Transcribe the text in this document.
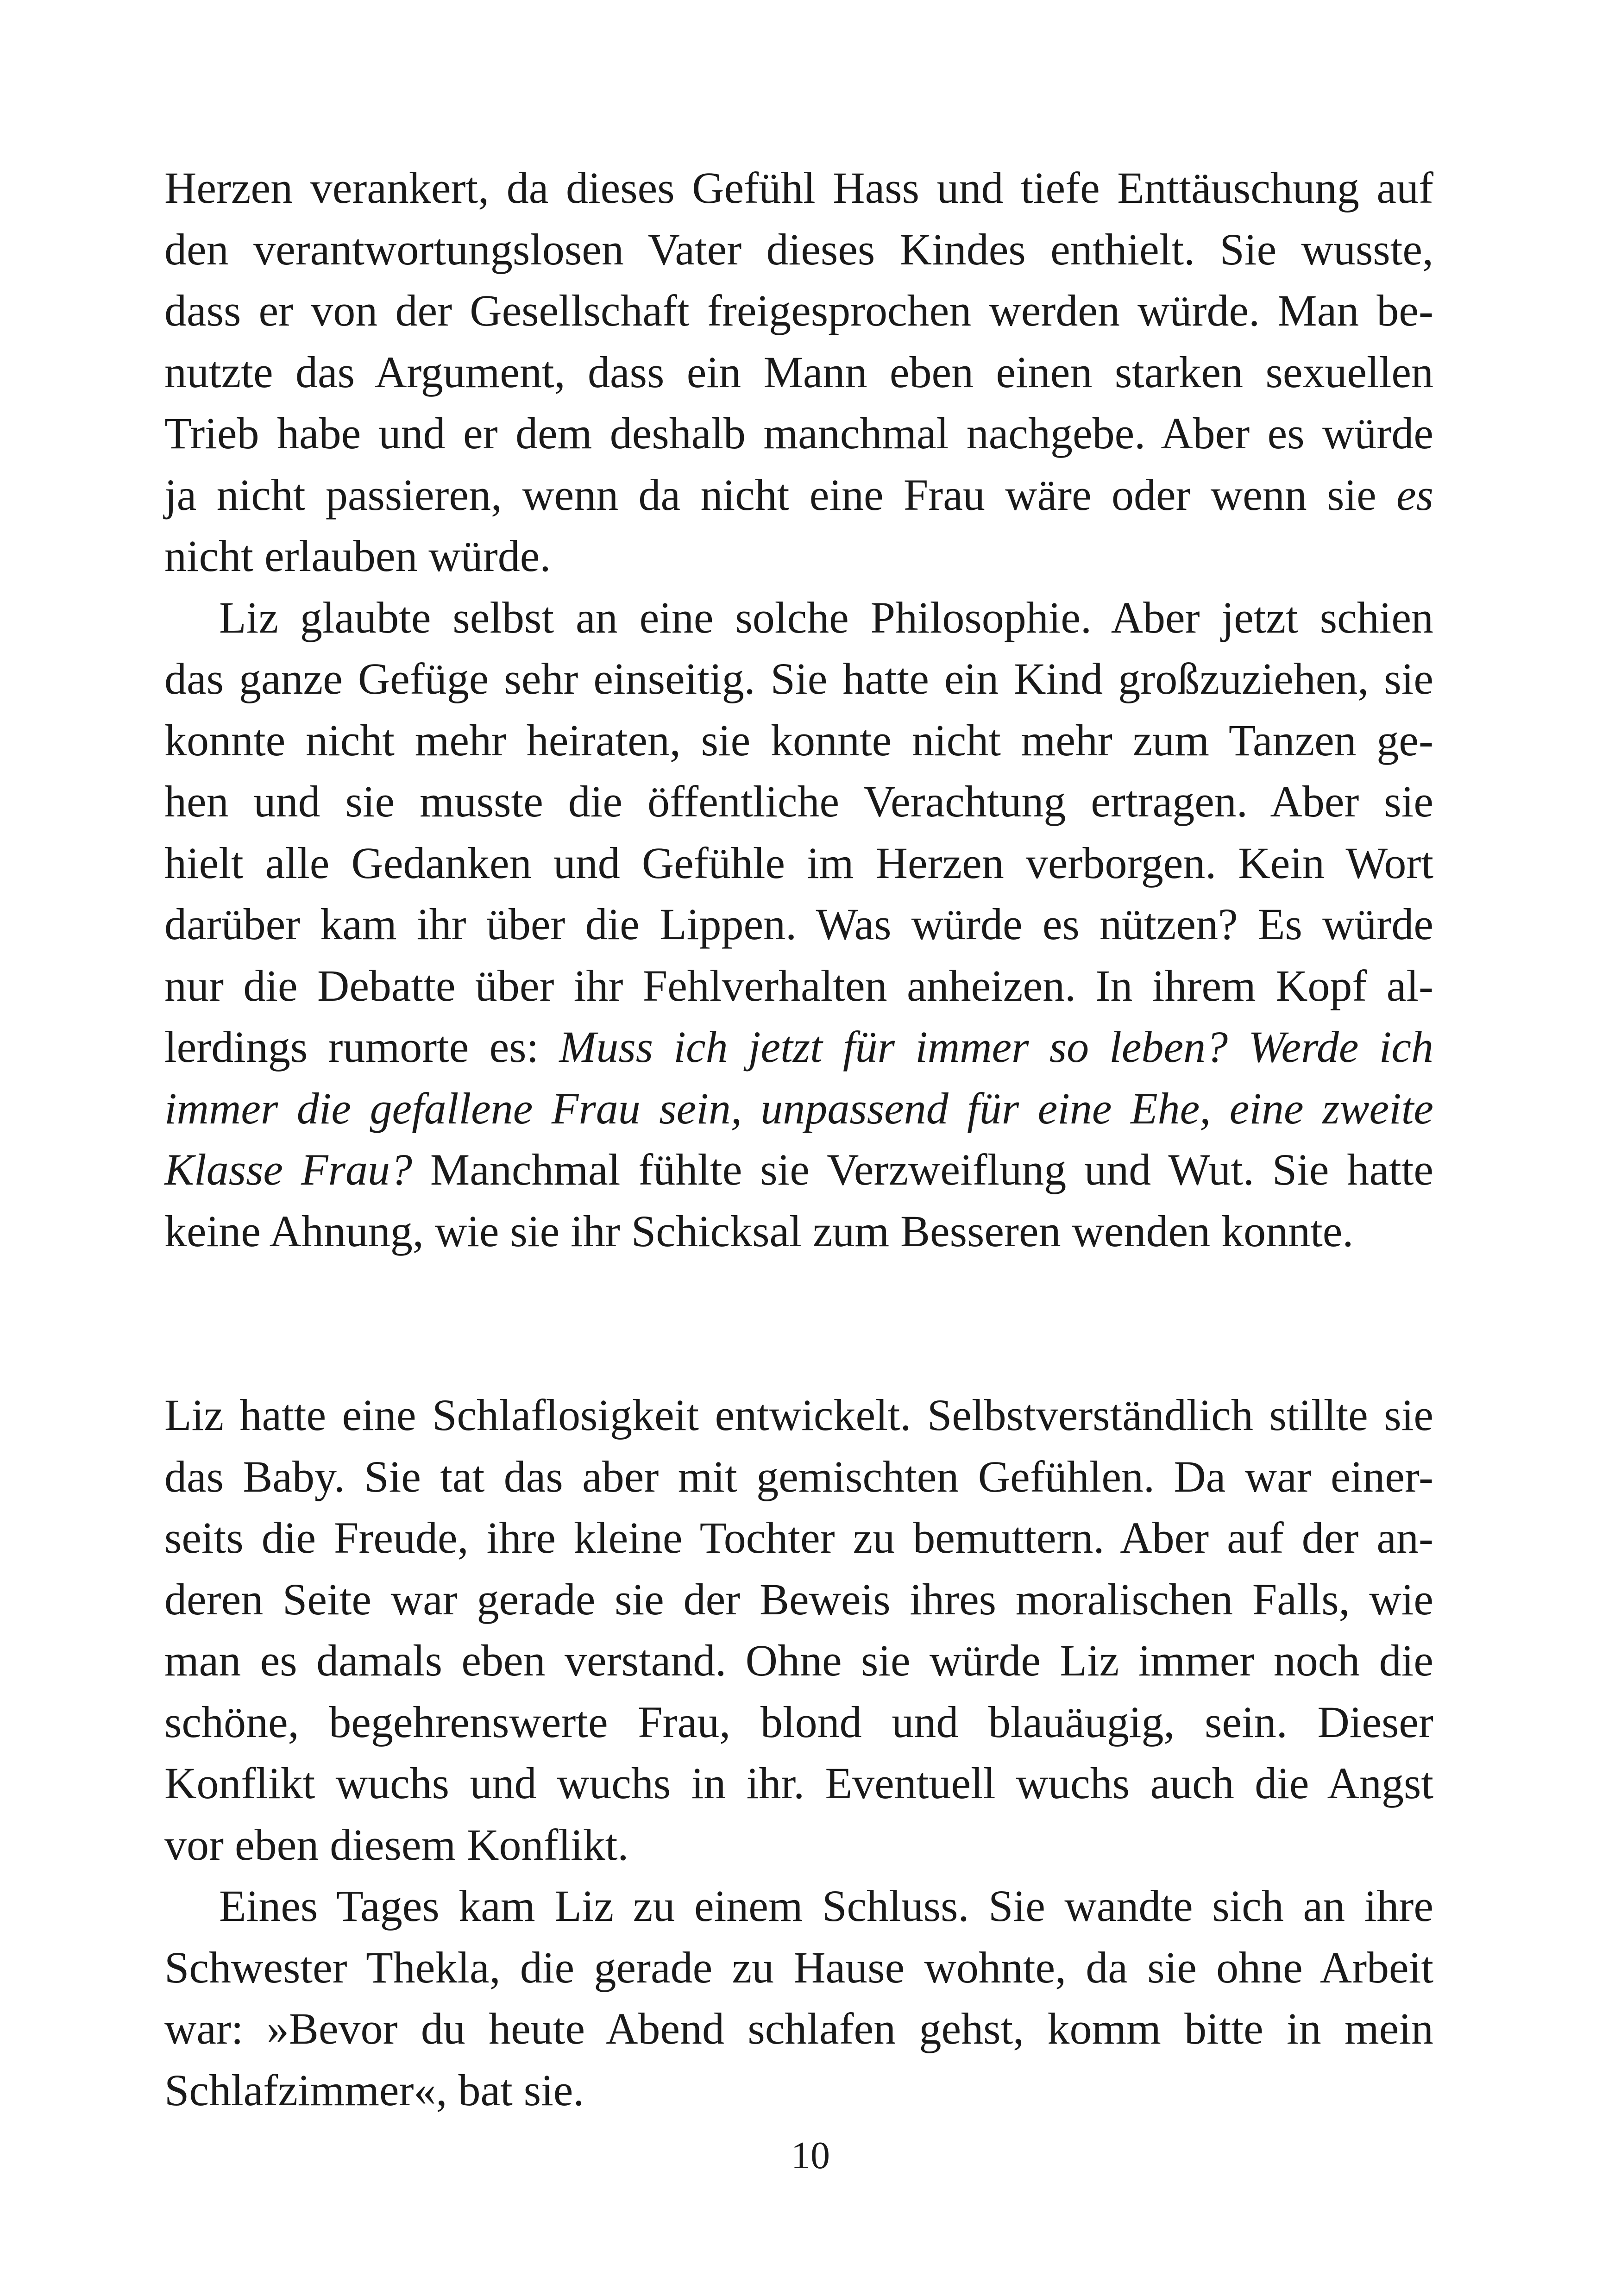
Herzen verankert, da dieses Gefühl Hass und tiefe Enttäuschung auf
den verantwortungslosen Vater dieses Kindes enthielt. Sie wusste,
dass er von der Gesellschaft freigesprochen werden würde. Man be-
nutzte das Argument, dass ein Mann eben einen starken sexuellen
Trieb habe und er dem deshalb manchmal nachgebe. Aber es würde
ja nicht passieren, wenn da nicht eine Frau wäre oder wenn sie es
nicht erlauben würde.
Liz glaubte selbst an eine solche Philosophie. Aber jetzt schien
das ganze Gefüge sehr einseitig. Sie hatte ein Kind großzuziehen, sie
konnte nicht mehr heiraten, sie konnte nicht mehr zum Tanzen ge-
hen und sie musste die öffentliche Verachtung ertragen. Aber sie
hielt alle Gedanken und Gefühle im Herzen verborgen. Kein Wort
darüber kam ihr über die Lippen. Was würde es nützen? Es würde
nur die Debatte über ihr Fehlverhalten anheizen. In ihrem Kopf al-
lerdings rumorte es: Muss ich jetzt für immer so leben? Werde ich
immer die gefallene Frau sein, unpassend für eine Ehe, eine zweite
Klasse Frau? Manchmal fühlte sie Verzweiflung und Wut. Sie hatte
keine Ahnung, wie sie ihr Schicksal zum Besseren wenden konnte.
Liz hatte eine Schlaflosigkeit entwickelt. Selbstverständlich stillte sie
das Baby. Sie tat das aber mit gemischten Gefühlen. Da war einer-
seits die Freude, ihre kleine Tochter zu bemuttern. Aber auf der an-
deren Seite war gerade sie der Beweis ihres moralischen Falls, wie
man es damals eben verstand. Ohne sie würde Liz immer noch die
schöne, begehrenswerte Frau, blond und blauäugig, sein. Dieser
Konflikt wuchs und wuchs in ihr. Eventuell wuchs auch die Angst
vor eben diesem Konflikt.
Eines Tages kam Liz zu einem Schluss. Sie wandte sich an ihre
Schwester Thekla, die gerade zu Hause wohnte, da sie ohne Arbeit
war: »Bevor du heute Abend schlafen gehst, komm bitte in mein
Schlafzimmer«, bat sie.
10
